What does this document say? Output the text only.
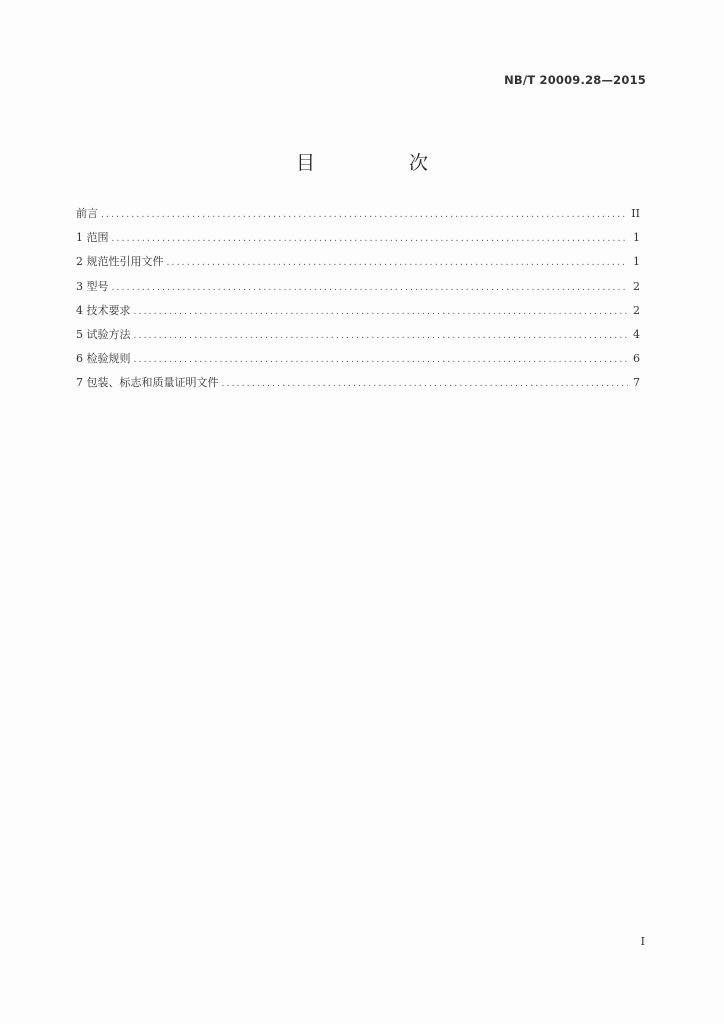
NB/T 20009.28—2015
目 次
前言 .....	II
1 范围 .....	1
2 规范性引用文件 .....	1
3 型号 .....	2
4 技术要求 .....	2
5 试验方法 .....	4
6 检验规则 .....	6
7 包装、标志和质量证明文件 .....	7
I
